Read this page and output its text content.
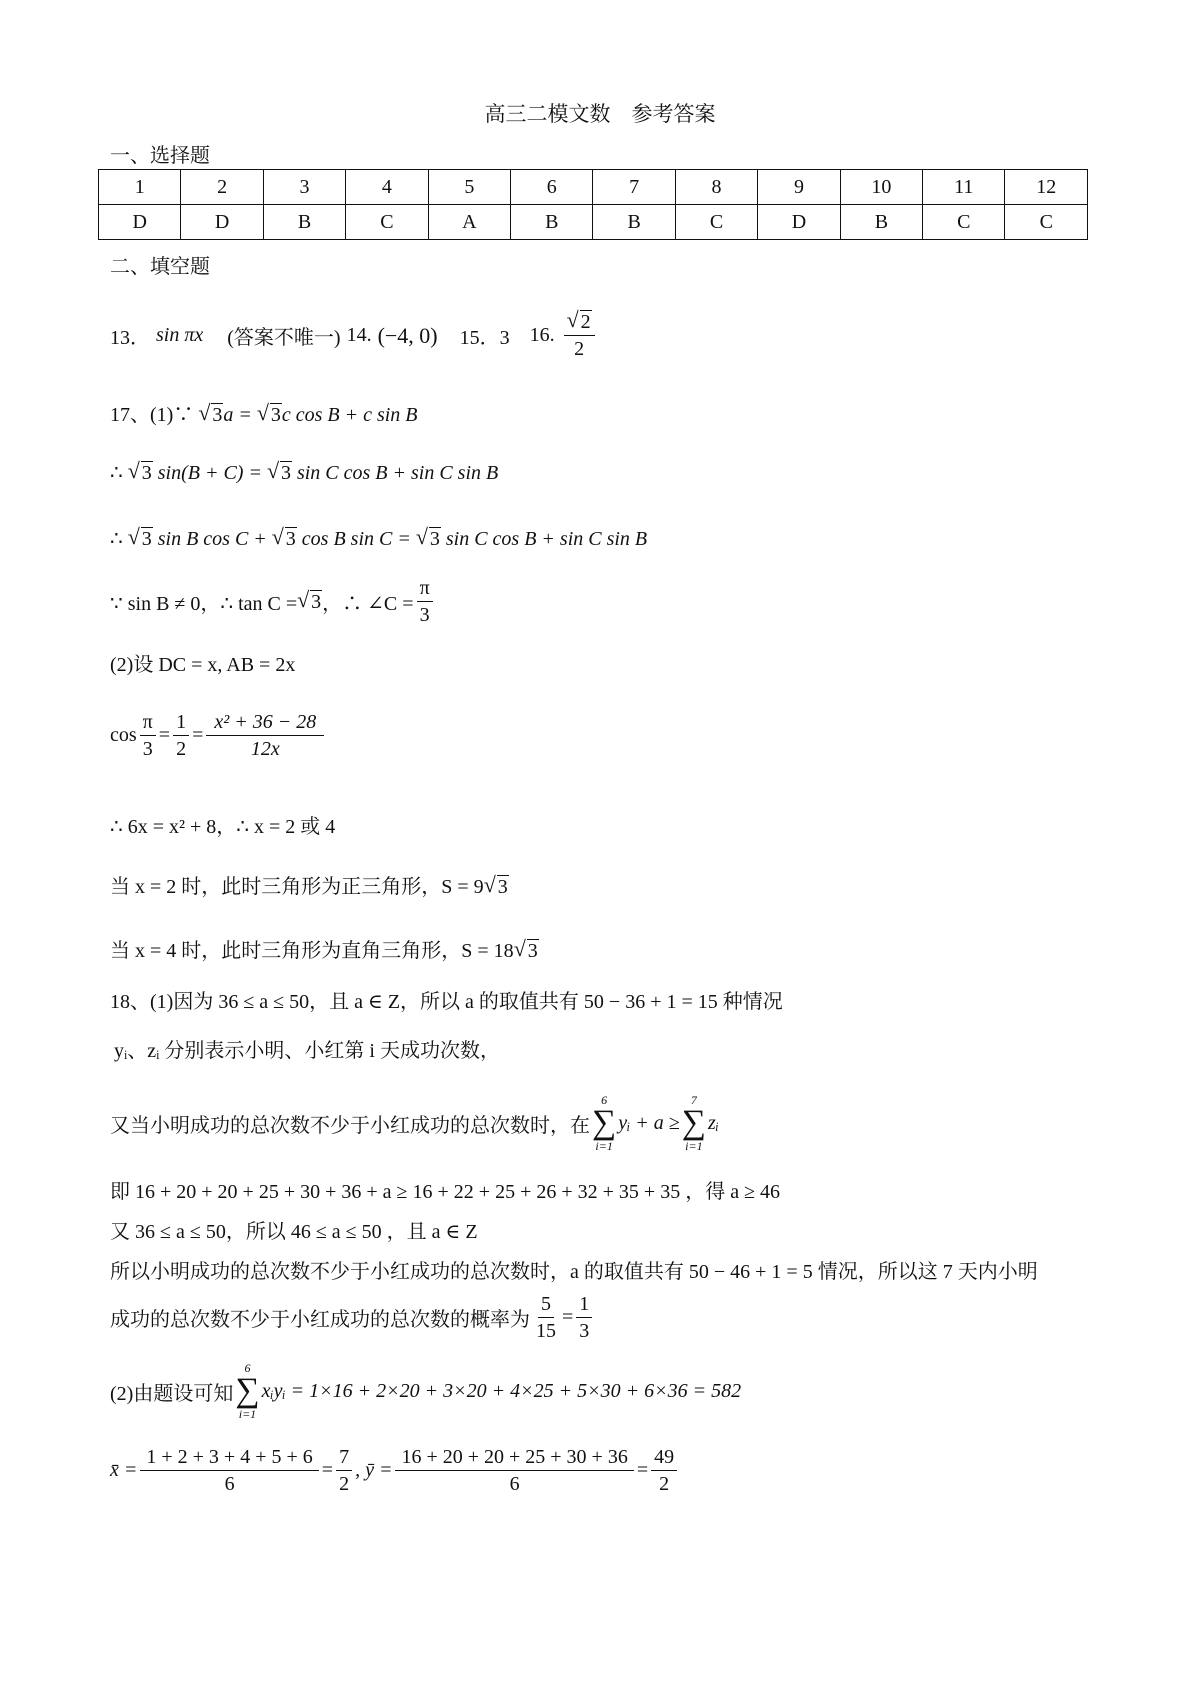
高三二模文数　参考答案
一、选择题
1	2	3	4	5	6	7	8	9	10	11	12
D	D	B	C	A	B	B	C	D	B	C	C
二、填空题
13． sin πx (答案不唯一) 14. (−4, 0) 15．3 16. $\frac{√ 2}{2}$
17、(1)∵ √ 3a = √ 3c cos B + c sin B
∴ √ 3 sin(B + C) = √ 3 sin C cos B + sin C sin B
∴ √ 3 sin B cos C + √ 3 cos B sin C = √ 3 sin C cos B + sin C sin B
∵ sin B ≠ 0，∴ tan C = √ 3 ，∴ ∠C = $\frac{\pi}{3}$
(2)设 DC = x, AB = 2x
$\cos \frac{\pi}{3} = \frac{1}{2} = \frac{\text{x² + 36 − 28}}{12x}$
∴ 6x = x² + 8，∴ x = 2 或 4
当 x = 2 时，此时三角形为正三角形，S = 9 √ 3
当 x = 4 时，此时三角形为直角三角形，S = 18 √ 3
18、(1)因为 36 ≤ a ≤ 50，且 a ∈ Z，所以 a 的取值共有 50 − 36 + 1 = 15 种情况
yᵢ、zᵢ 分别表示小明、小红第 i 天成功次数，
又当小明成功的总次数不少于小红成功的总次数时，在
6
∑
i=1
yᵢ + a ≥
7
∑
i=1
zᵢ
即 16 + 20 + 20 + 25 + 30 + 36 + a ≥ 16 + 22 + 25 + 26 + 32 + 35 + 35 ，得 a ≥ 46
又 36 ≤ a ≤ 50，所以 46 ≤ a ≤ 50 ，且 a ∈ Z
所以小明成功的总次数不少于小红成功的总次数时，a 的取值共有 50 − 46 + 1 = 5 情况，所以这 7 天内小明
成功的总次数不少于小红成功的总次数的概率为 $\frac{5}{15} = \frac{1}{3}$
(2)由题设可知
6
∑
i=1
xᵢyᵢ = 1×16 + 2×20 + 3×20 + 4×25 + 5×30 + 6×36 = 582
x̄ = $\frac{1 + 2 + 3 + 4 + 5 + 6}{6} = \frac{7}{2}$ , ȳ = $\frac{16 + 20 + 20 + 25 + 30 + 36}{6} = \frac{49}{2}$
